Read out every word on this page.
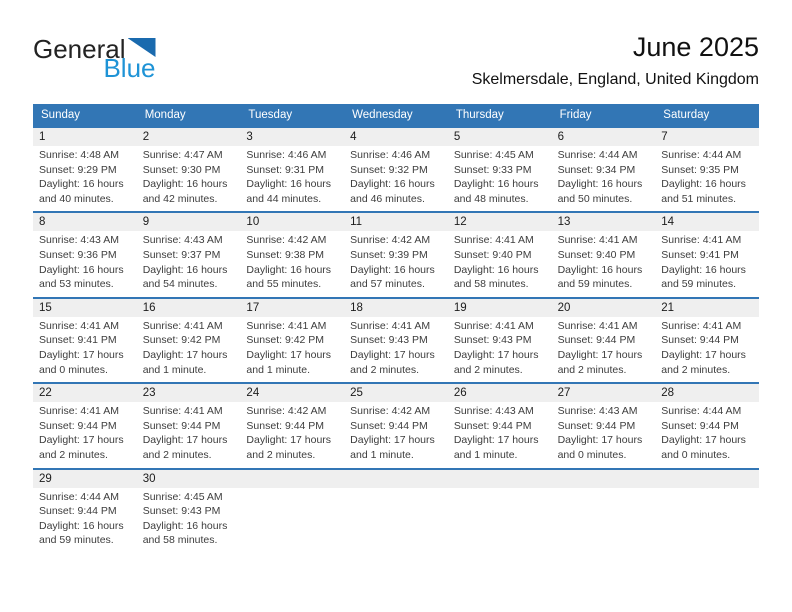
General
Blue
June 2025
Skelmersdale, England, United Kingdom
Sunday	Monday	Tuesday	Wednesday	Thursday	Friday	Saturday
1	2	3	4	5	6	7
Sunrise: 4:48 AM
Sunset: 9:29 PM
Daylight: 16 hours and 40 minutes.
Sunrise: 4:47 AM
Sunset: 9:30 PM
Daylight: 16 hours and 42 minutes.
Sunrise: 4:46 AM
Sunset: 9:31 PM
Daylight: 16 hours and 44 minutes.
Sunrise: 4:46 AM
Sunset: 9:32 PM
Daylight: 16 hours and 46 minutes.
Sunrise: 4:45 AM
Sunset: 9:33 PM
Daylight: 16 hours and 48 minutes.
Sunrise: 4:44 AM
Sunset: 9:34 PM
Daylight: 16 hours and 50 minutes.
Sunrise: 4:44 AM
Sunset: 9:35 PM
Daylight: 16 hours and 51 minutes.
8	9	10	11	12	13	14
Sunrise: 4:43 AM
Sunset: 9:36 PM
Daylight: 16 hours and 53 minutes.
Sunrise: 4:43 AM
Sunset: 9:37 PM
Daylight: 16 hours and 54 minutes.
Sunrise: 4:42 AM
Sunset: 9:38 PM
Daylight: 16 hours and 55 minutes.
Sunrise: 4:42 AM
Sunset: 9:39 PM
Daylight: 16 hours and 57 minutes.
Sunrise: 4:41 AM
Sunset: 9:40 PM
Daylight: 16 hours and 58 minutes.
Sunrise: 4:41 AM
Sunset: 9:40 PM
Daylight: 16 hours and 59 minutes.
Sunrise: 4:41 AM
Sunset: 9:41 PM
Daylight: 16 hours and 59 minutes.
15	16	17	18	19	20	21
Sunrise: 4:41 AM
Sunset: 9:41 PM
Daylight: 17 hours and 0 minutes.
Sunrise: 4:41 AM
Sunset: 9:42 PM
Daylight: 17 hours and 1 minute.
Sunrise: 4:41 AM
Sunset: 9:42 PM
Daylight: 17 hours and 1 minute.
Sunrise: 4:41 AM
Sunset: 9:43 PM
Daylight: 17 hours and 2 minutes.
Sunrise: 4:41 AM
Sunset: 9:43 PM
Daylight: 17 hours and 2 minutes.
Sunrise: 4:41 AM
Sunset: 9:44 PM
Daylight: 17 hours and 2 minutes.
Sunrise: 4:41 AM
Sunset: 9:44 PM
Daylight: 17 hours and 2 minutes.
22	23	24	25	26	27	28
Sunrise: 4:41 AM
Sunset: 9:44 PM
Daylight: 17 hours and 2 minutes.
Sunrise: 4:41 AM
Sunset: 9:44 PM
Daylight: 17 hours and 2 minutes.
Sunrise: 4:42 AM
Sunset: 9:44 PM
Daylight: 17 hours and 2 minutes.
Sunrise: 4:42 AM
Sunset: 9:44 PM
Daylight: 17 hours and 1 minute.
Sunrise: 4:43 AM
Sunset: 9:44 PM
Daylight: 17 hours and 1 minute.
Sunrise: 4:43 AM
Sunset: 9:44 PM
Daylight: 17 hours and 0 minutes.
Sunrise: 4:44 AM
Sunset: 9:44 PM
Daylight: 17 hours and 0 minutes.
29	30
Sunrise: 4:44 AM
Sunset: 9:44 PM
Daylight: 16 hours and 59 minutes.
Sunrise: 4:45 AM
Sunset: 9:43 PM
Daylight: 16 hours and 58 minutes.
